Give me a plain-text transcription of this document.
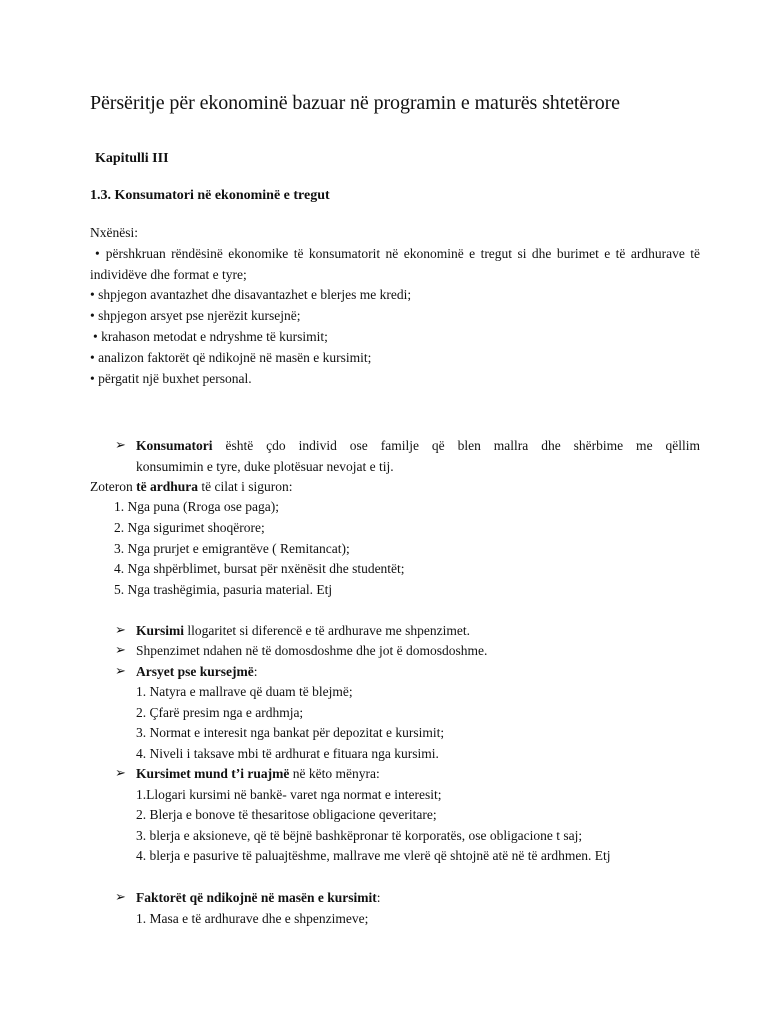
Përsëritje për ekonominë bazuar në programin e maturës shtetërore
Kapitulli III
1.3. Konsumatori në ekonominë e tregut
Nxënësi:
• përshkruan rëndësinë ekonomike të konsumatorit në ekonominë e tregut si dhe burimet e të ardhurave të individëve dhe format e tyre;
• shpjegon avantazhet dhe disavantazhet e blerjes me kredi;
• shpjegon arsyet pse njerëzit kursejnë;
• krahason metodat e ndryshme të kursimit;
• analizon faktorët që ndikojnë në masën e kursimit;
• përgatit një buxhet personal.
➢ Konsumatori është çdo individ ose familje që blen mallra dhe shërbime me qëllim
konsumimin e tyre, duke plotësuar nevojat e tij.
Zoteron të ardhura të cilat i siguron:
1. Nga puna (Rroga ose paga);
2. Nga sigurimet shoqërore;
3. Nga prurjet e emigrantëve ( Remitancat);
4. Nga shpërblimet, bursat për nxënësit dhe studentët;
5. Nga trashëgimia, pasuria material. Etj
➢ Kursimi llogaritet si diferencë e të ardhurave me shpenzimet.
➢ Shpenzimet ndahen në të domosdoshme dhe jot ë domosdoshme.
➢ Arsyet pse kursejmë:
1. Natyra e mallrave që duam të blejmë;
2. Çfarë presim nga e ardhmja;
3. Normat e interesit nga bankat për depozitat e kursimit;
4. Niveli i taksave mbi të ardhurat e fituara nga kursimi.
➢ Kursimet mund t’i ruajmë në këto mënyra:
1.Llogari kursimi në bankë- varet nga normat e interesit;
2. Blerja e bonove të thesaritose obligacione qeveritare;
3. blerja e aksioneve, që të bëjnë bashkëpronar të korporatës, ose obligacione t saj;
4. blerja e pasurive të paluajtëshme, mallrave me vlerë që shtojnë atë në të ardhmen. Etj
➢ Faktorët që ndikojnë në masën e kursimit:
1. Masa e të ardhurave dhe e shpenzimeve;
